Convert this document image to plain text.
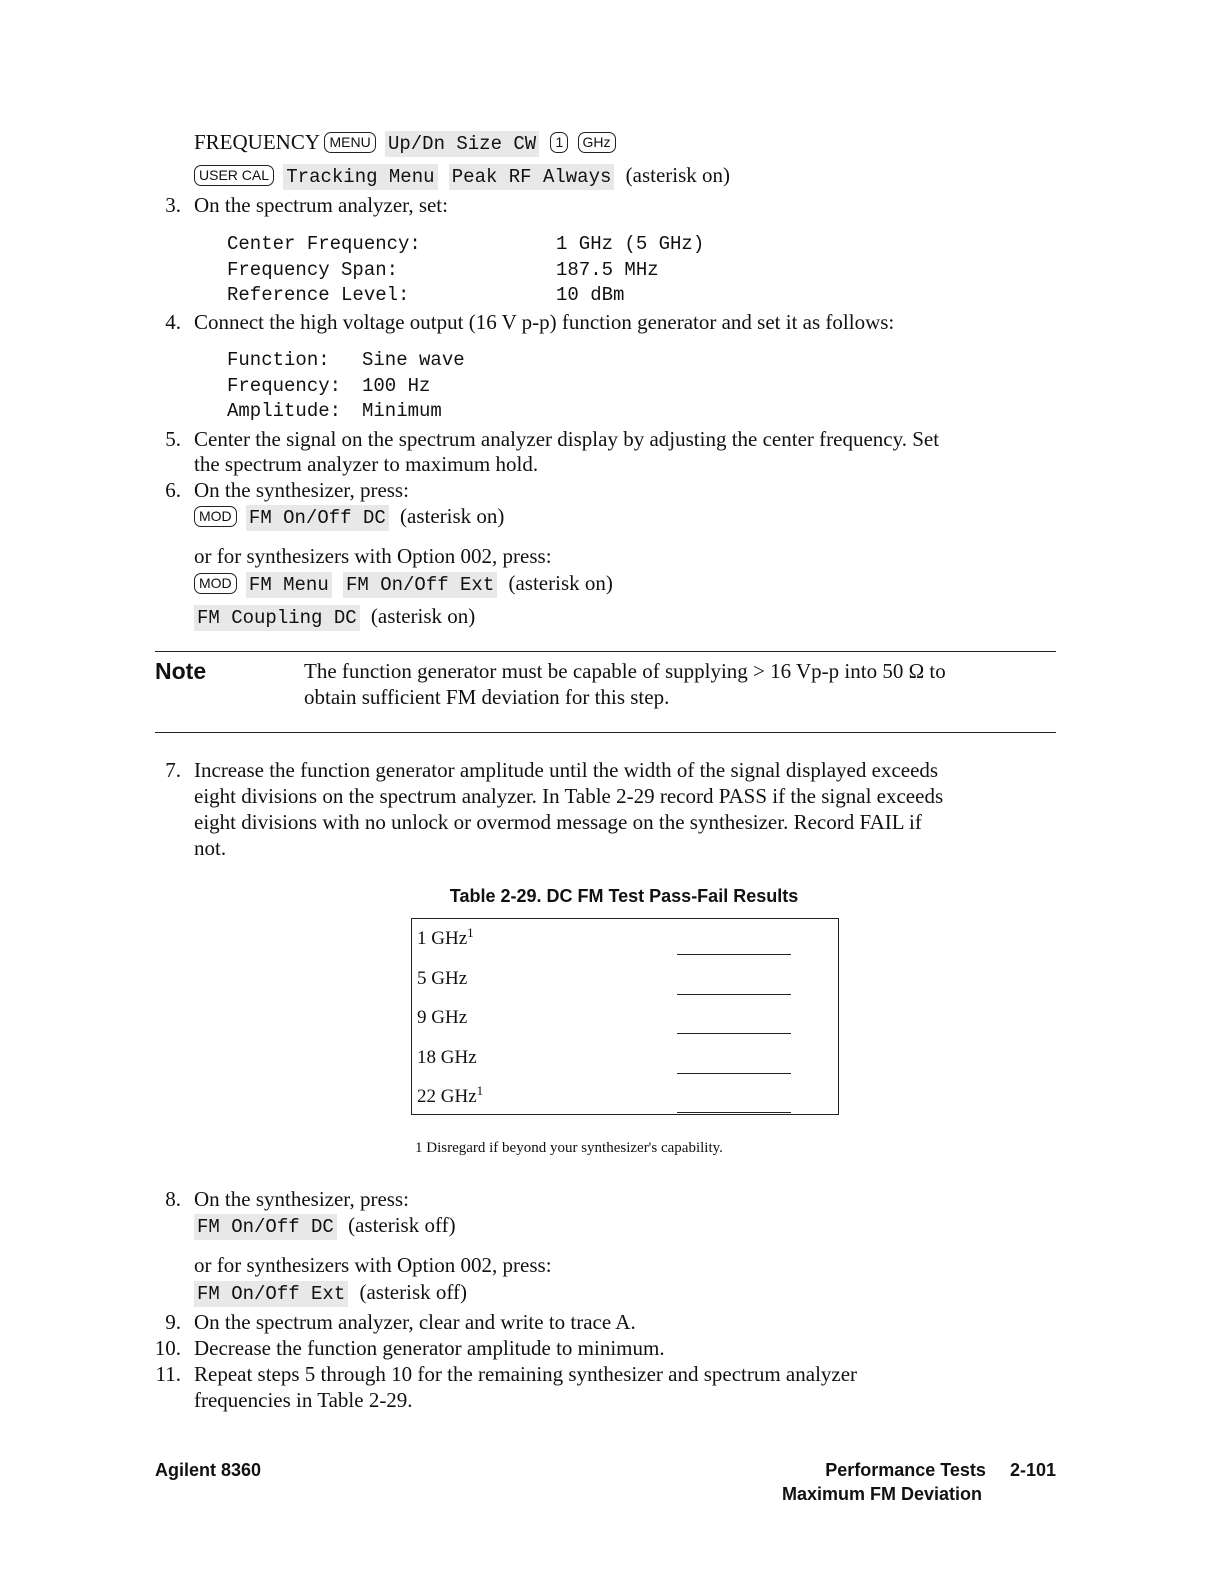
FREQUENCY MENU Up/Dn Size CW 1 GHz
USER CAL Tracking Menu Peak RF Always (asterisk on)
3. On the spectrum analyzer, set:
Center Frequency:	1 GHz (5 GHz)
Frequency Span:	187.5 MHz
Reference Level:	10 dBm
4. Connect the high voltage output (16 V p-p) function generator and set it as follows:
Function: Sine wave
Frequency: 100 Hz
Amplitude: Minimum
5. Center the signal on the spectrum analyzer display by adjusting the center frequency. Set
the spectrum analyzer to maximum hold.
6. On the synthesizer, press:
MOD FM On/Off DC (asterisk on)
or for synthesizers with Option 002, press:
MOD FM Menu FM On/Off Ext (asterisk on)
FM Coupling DC (asterisk on)
Note	The function generator must be capable of supplying > 16 Vp-p into 50 Ω to
obtain sufficient FM deviation for this step.
7. Increase the function generator amplitude until the width of the signal displayed exceeds
eight divisions on the spectrum analyzer. In Table 2-29 record PASS if the signal exceeds
eight divisions with no unlock or overmod message on the synthesizer. Record FAIL if
not.
Table 2-29. DC FM Test Pass-Fail Results
1 GHz$^1$
5 GHz
9 GHz
18 GHz
22 GHz$^1$
1 Disregard if beyond your synthesizer's capability.
8. On the synthesizer, press:
FM On/Off DC (asterisk off)
or for synthesizers with Option 002, press:
FM On/Off Ext (asterisk off)
9. On the spectrum analyzer, clear and write to trace A.
10. Decrease the function generator amplitude to minimum.
11. Repeat steps 5 through 10 for the remaining synthesizer and spectrum analyzer
frequencies in Table 2-29.
Agilent 8360	Performance Tests 2-101
Maximum FM Deviation
